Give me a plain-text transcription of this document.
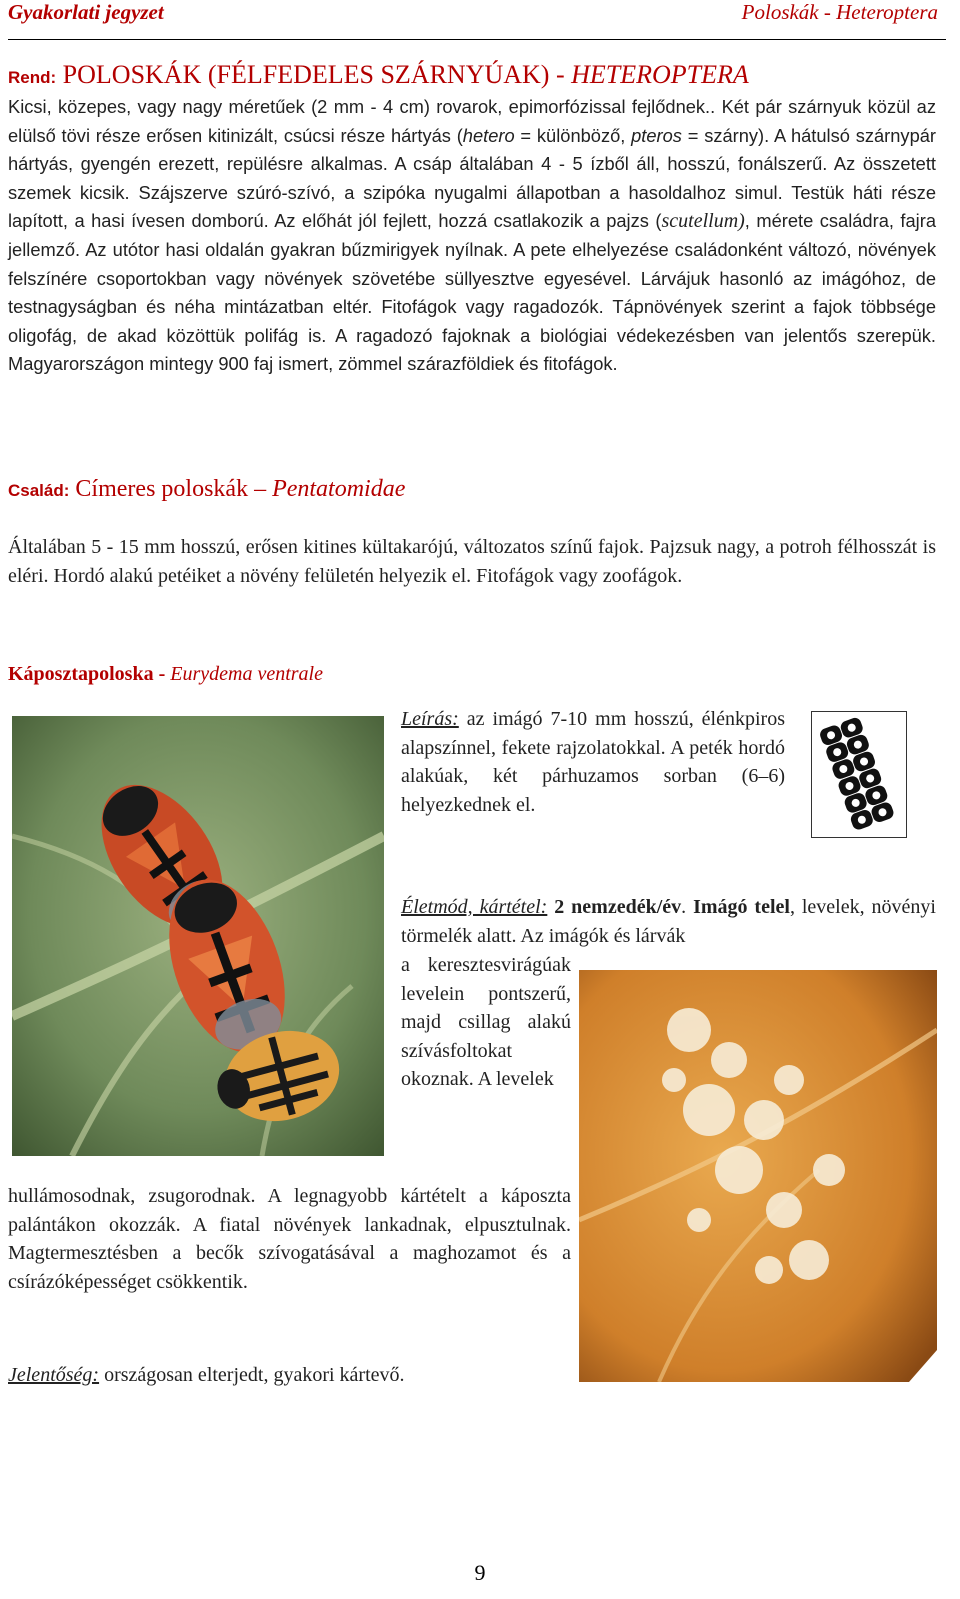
Gyakorlati jegyzet	Poloskák - Heteroptera
Rend: POLOSKÁK (FÉLFEDELES SZÁRNYÚAK) - HETEROPTERA
Kicsi, közepes, vagy nagy méretűek (2 mm - 4 cm) rovarok, epimorfózissal fejlődnek.. Két pár szárnyuk közül az elülső tövi része erősen kitinizált, csúcsi része hártyás (hetero = különböző, pteros = szárny). A hátulsó szárnypár hártyás, gyengén erezett, repülésre alkalmas. A csáp általában 4 - 5 ízből áll, hosszú, fonálszerű. Az összetett szemek kicsik. Szájszerve szúró-szívó, a szipóka nyugalmi állapotban a hasoldalhoz simul. Testük háti része lapított, a hasi ívesen domború. Az előhát jól fejlett, hozzá csatlakozik a pajzs (scutellum), mérete családra, fajra jellemző. Az utótor hasi oldalán gyakran bűzmirigyek nyílnak. A pete elhelyezése családonként változó, növények felszínére csoportokban vagy növények szövetébe süllyesztve egyesével. Lárvájuk hasonló az imágóhoz, de testnagyságban és néha mintázatban eltér. Fitofágok vagy ragadozók. Tápnövények szerint a fajok többsége oligofág, de akad közöttük polifág is. A ragadozó fajoknak a biológiai védekezésben van jelentős szerepük. Magyarországon mintegy 900 faj ismert, zömmel szárazföldiek és fitofágok.
Család: Címeres poloskák – Pentatomidae
Általában 5 - 15 mm hosszú, erősen kitines kültakarójú, változatos színű fajok. Pajzsuk nagy, a potroh félhosszát is eléri. Hordó alakú petéiket a növény felületén helyezik el. Fitofágok vagy zoofágok.
Káposztapoloska - Eurydema ventrale
Leírás: az imágó 7-10 mm hosszú, élénkpiros alapszínnel, fekete rajzolatokkal. A peték hordó alakúak, két párhuzamos sorban (6–6) helyezkednek el.
Életmód, kártétel: 2 nemzedék/év. Imágó telel, levelek, növényi törmelék alatt. Az imágók és lárvák
a keresztesvirágúak levelein pontszerű, majd csillag alakú szívásfoltokat okoznak. A levelek
hullámosodnak, zsugorodnak. A legnagyobb kártételt a káposzta palántákon okozzák. A fiatal növények lankadnak, elpusztulnak. Magtermesztésben a becők szívogatásával a maghozamot és a csírázóképességet csökkentik.
Jelentőség: országosan elterjedt, gyakori kártevő.
9
